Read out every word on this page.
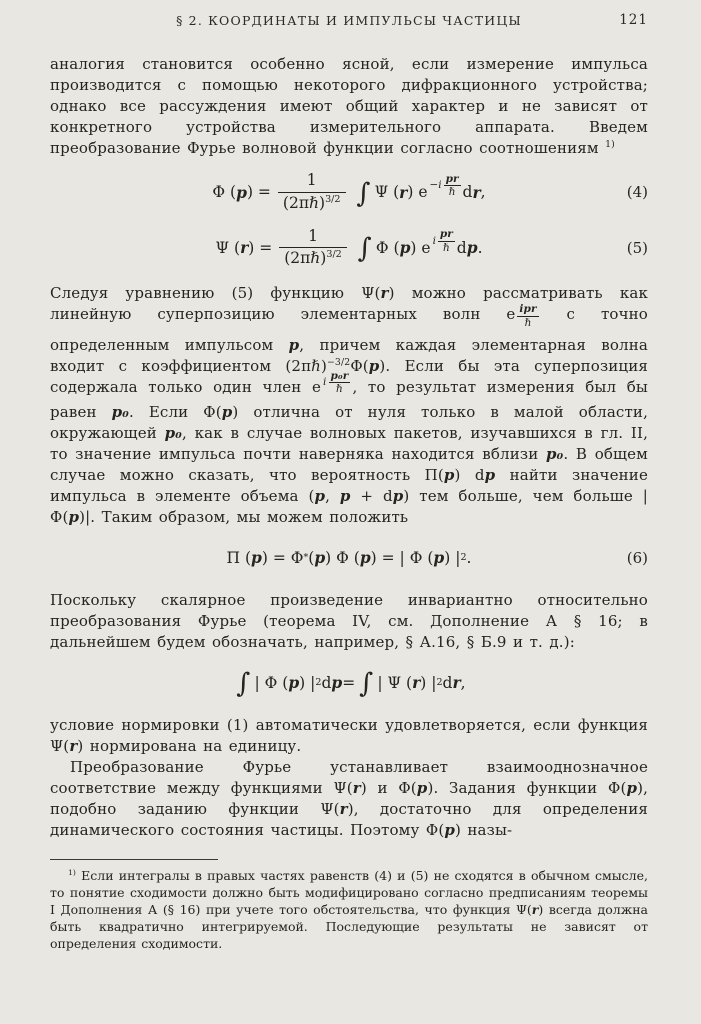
§ 2. КООРДИНАТЫ И ИМПУЛЬСЫ ЧАСТИЦЫ	121

аналогия становится особенно ясной, если измерение импульса производится с помощью некоторого дифракционного устройства; однако все рассуждения имеют общий характер и не зависят от конкретного устройства измерительного аппарата. Введем преобразование Фурье волновой функции согласно соотношениям $^{1)}$

Φ ( p ) = $\frac{1}{(2\pi\hbar)^{3/2}}$ ∫ Ψ ( r ) e −i
pr
ℏ d r ,	(4)
Ψ ( r ) = $\frac{1}{(2\pi\hbar)^{3/2}}$ ∫ Φ ( p ) e i
pr
ℏ d p .	(5)

Следуя уравнению (5) функцию Ψ(r) можно рассматривать как линейную суперпозицию элементарных волн e ipr
ℏ с точно определенным импульсом p, причем каждая элементарная волна входит с коэффициентом (2πℏ)$^{-3/2}$Φ(p). Если бы эта суперпозиция содержала только один член e i
p₀r
ℏ , то результат измерения был бы равен p₀. Если Φ(p) отлична от нуля только в малой области, окружающей p₀, как в случае волновых пакетов, изучавшихся в гл. II, то значение импульса почти наверняка находится вблизи p₀. В общем случае можно сказать, что вероятность Π(p) dp найти значение импульса в элементе объема (p, p + dp) тем больше, чем больше |Φ(p)|. Таким образом, мы можем положить

Π ( p ) = Φ * ( p ) Φ ( p ) = | Φ ( p ) | 2 .	(6)

Поскольку скалярное произведение инвариантно относительно преобразования Фурье (теорема IV, см. Дополнение А § 16; в дальнейшем будем обозначать, например, § А.16, § Б.9 и т. д.):

∫ | Φ ( p ) | 2 d p = ∫ | Ψ ( r ) | 2 d r ,

условие нормировки (1) автоматически удовлетворяется, если функция Ψ(r) нормирована на единицу.

Преобразование Фурье устанавливает взаимооднозначное соответствие между функциями Ψ(r) и Φ(p). Задания функции Φ(p), подобно заданию функции Ψ(r), достаточно для определения динамического состояния частицы. Поэтому Φ(p) назы-

$^{1)}$ Если интегралы в правых частях равенств (4) и (5) не сходятся в обычном смысле, то понятие сходимости должно быть модифицировано согласно предписаниям теоремы I Дополнения А (§ 16) при учете того обстоятельства, что функция Ψ(r) всегда должна быть квадратично интегрируемой. Последующие результаты не зависят от определения сходимости.
